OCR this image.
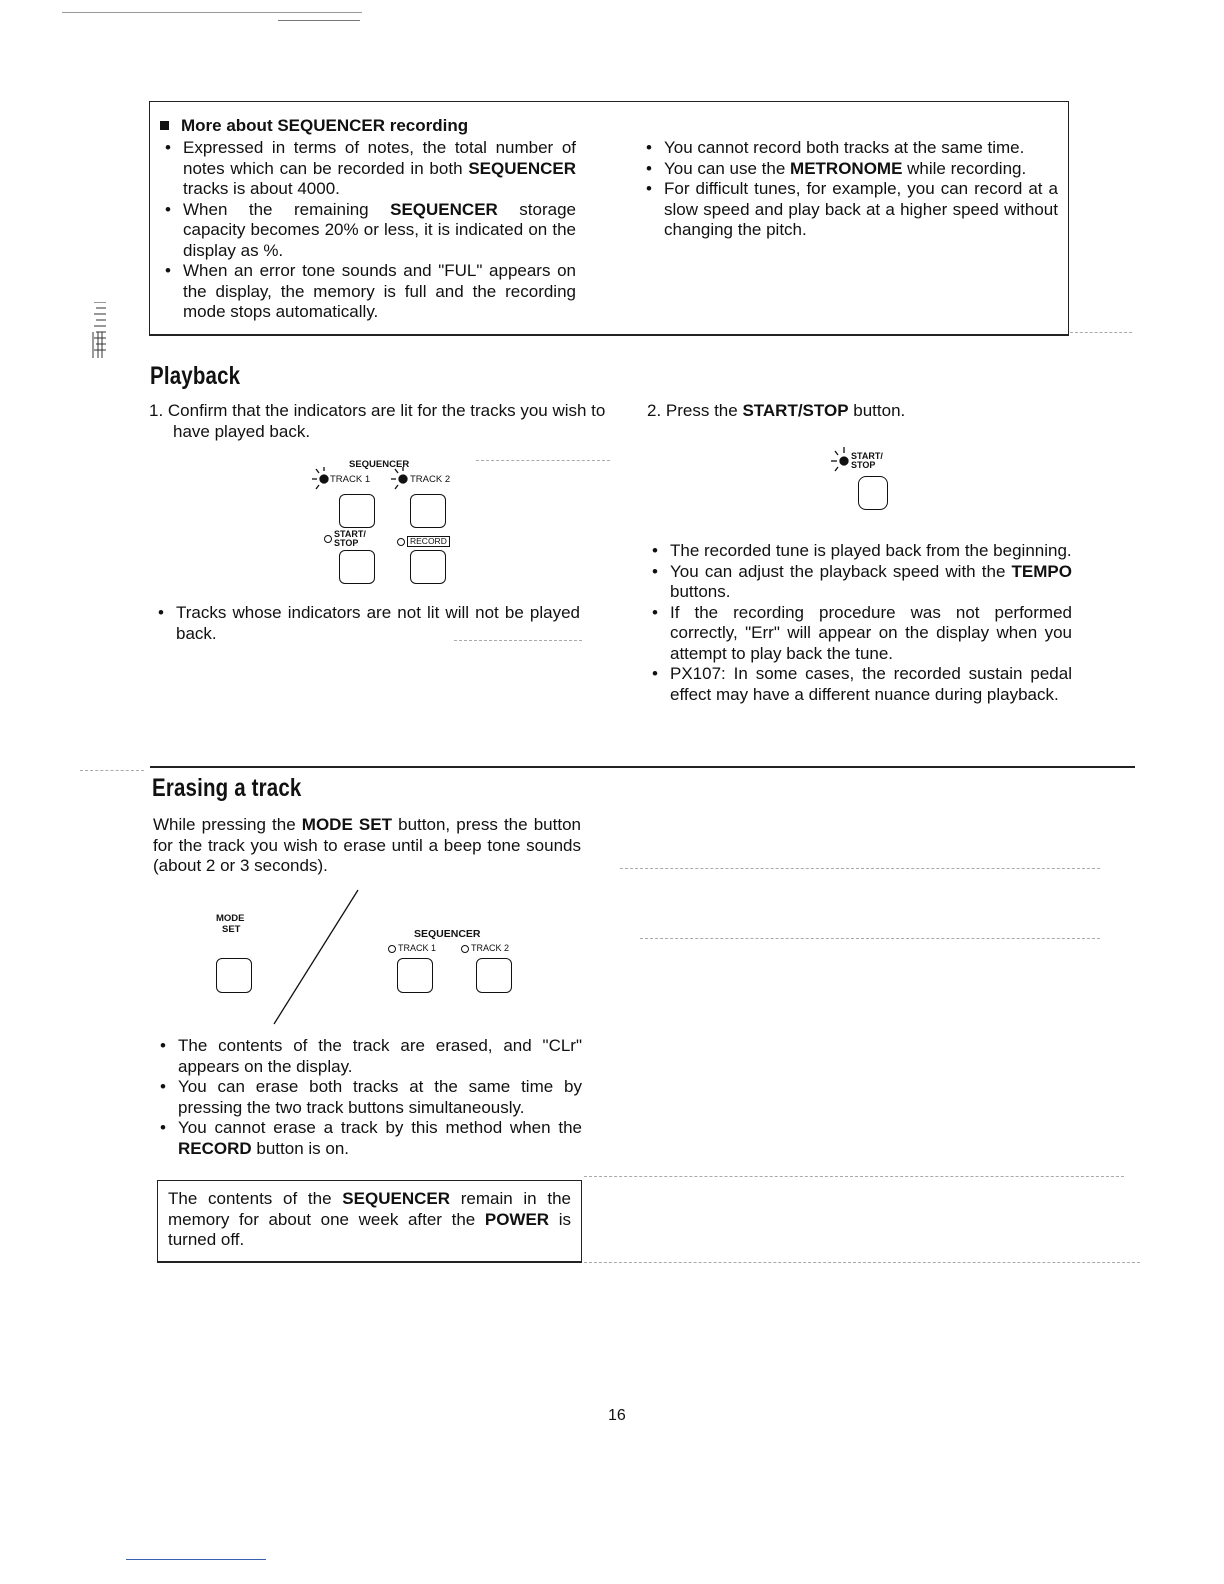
More about SEQUENCER recording
• Expressed in terms of notes, the total number of notes which can be recorded in both SEQUENCER tracks is about 4000.
• When the remaining SEQUENCER storage capacity becomes 20% or less, it is indicated on the display as %.
• When an error tone sounds and "FUL" appears on the display, the memory is full and the recording mode stops automatically.
• You cannot record both tracks at the same time.
• You can use the METRONOME while recording.
• For difficult tunes, for example, you can record at a slow speed and play back at a higher speed without changing the pitch.
Playback
1. Confirm that the indicators are lit for the tracks you wish to have played back.
2. Press the START/STOP button.
SEQUENCER
TRACK 1	TRACK 2
START/
STOP	RECORD
START/
STOP
• Tracks whose indicators are not lit will not be played back.
• The recorded tune is played back from the beginning.
• You can adjust the playback speed with the TEMPO buttons.
• If the recording procedure was not performed correctly, "Err" will appear on the display when you attempt to play back the tune.
• PX107: In some cases, the recorded sustain pedal effect may have a different nuance during playback.
Erasing a track
While pressing the MODE SET button, press the button for the track you wish to erase until a beep tone sounds (about 2 or 3 seconds).
MODE
SET	SEQUENCER
TRACK 1	TRACK 2
• The contents of the track are erased, and "CLr" appears on the display.
• You can erase both tracks at the same time by pressing the two track buttons simultaneously.
• You cannot erase a track by this method when the RECORD button is on.
The contents of the SEQUENCER remain in the memory for about one week after the POWER is turned off.
16
